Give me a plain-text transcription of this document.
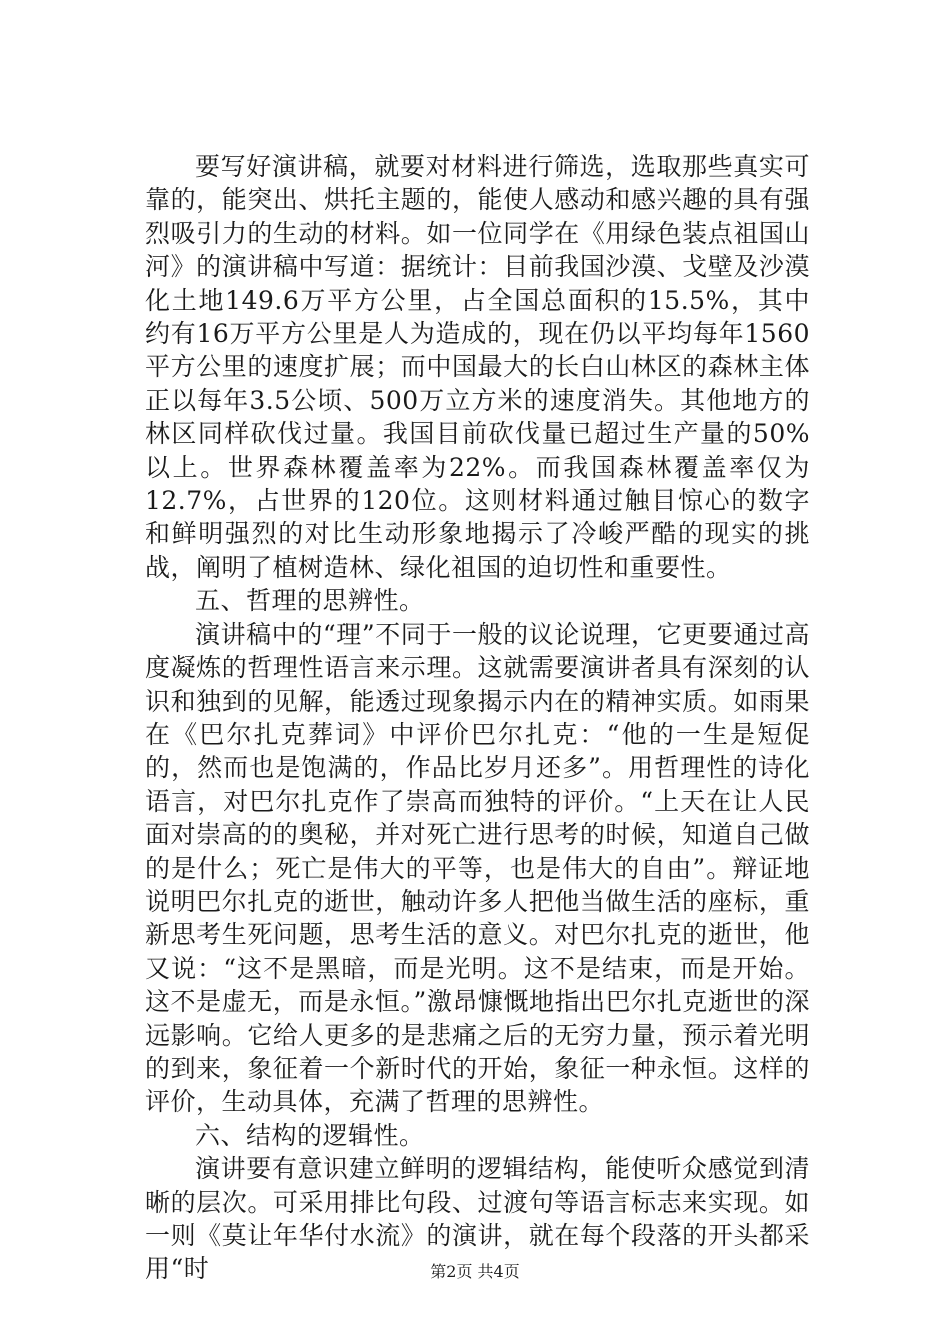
要写好演讲稿，就要对材料进行筛选，选取那些真实可靠的，能突出、烘托主题的，能使人感动和感兴趣的具有强烈吸引力的生动的材料。如一位同学在《用绿色装点祖国山河》的演讲稿中写道：据统计：目前我国沙漠、戈壁及沙漠化土地149.6万平方公里，占全国总面积的15.5%，其中约有16万平方公里是人为造成的，现在仍以平均每年1560平方公里的速度扩展；而中国最大的长白山林区的森林主体正以每年3.5公顷、500万立方米的速度消失。其他地方的林区同样砍伐过量。我国目前砍伐量已超过生产量的50%以上。世界森林覆盖率为22%。而我国森林覆盖率仅为12.7%，占世界的120位。这则材料通过触目惊心的数字和鲜明强烈的对比生动形象地揭示了冷峻严酷的现实的挑战，阐明了植树造林、绿化祖国的迫切性和重要性。

五、哲理的思辨性。

演讲稿中的“理”不同于一般的议论说理，它更要通过高度凝炼的哲理性语言来示理。这就需要演讲者具有深刻的认识和独到的见解，能透过现象揭示内在的精神实质。如雨果在《巴尔扎克葬词》中评价巴尔扎克：“他的一生是短促的，然而也是饱满的，作品比岁月还多”。用哲理性的诗化语言，对巴尔扎克作了崇高而独特的评价。“上天在让人民面对崇高的的奥秘，并对死亡进行思考的时候，知道自己做的是什么；死亡是伟大的平等，也是伟大的自由”。辩证地说明巴尔扎克的逝世，触动许多人把他当做生活的座标，重新思考生死问题，思考生活的意义。对巴尔扎克的逝世，他又说：“这不是黑暗，而是光明。这不是结束，而是开始。这不是虚无，而是永恒。”激昂慷慨地指出巴尔扎克逝世的深远影响。它给人更多的是悲痛之后的无穷力量，预示着光明的到来，象征着一个新时代的开始，象征一种永恒。这样的评价，生动具体，充满了哲理的思辨性。

六、结构的逻辑性。

演讲要有意识建立鲜明的逻辑结构，能使听众感觉到清晰的层次。可采用排比句段、过渡句等语言标志来实现。如一则《莫让年华付水流》的演讲，就在每个段落的开头都采用“时	第2页 共4页
